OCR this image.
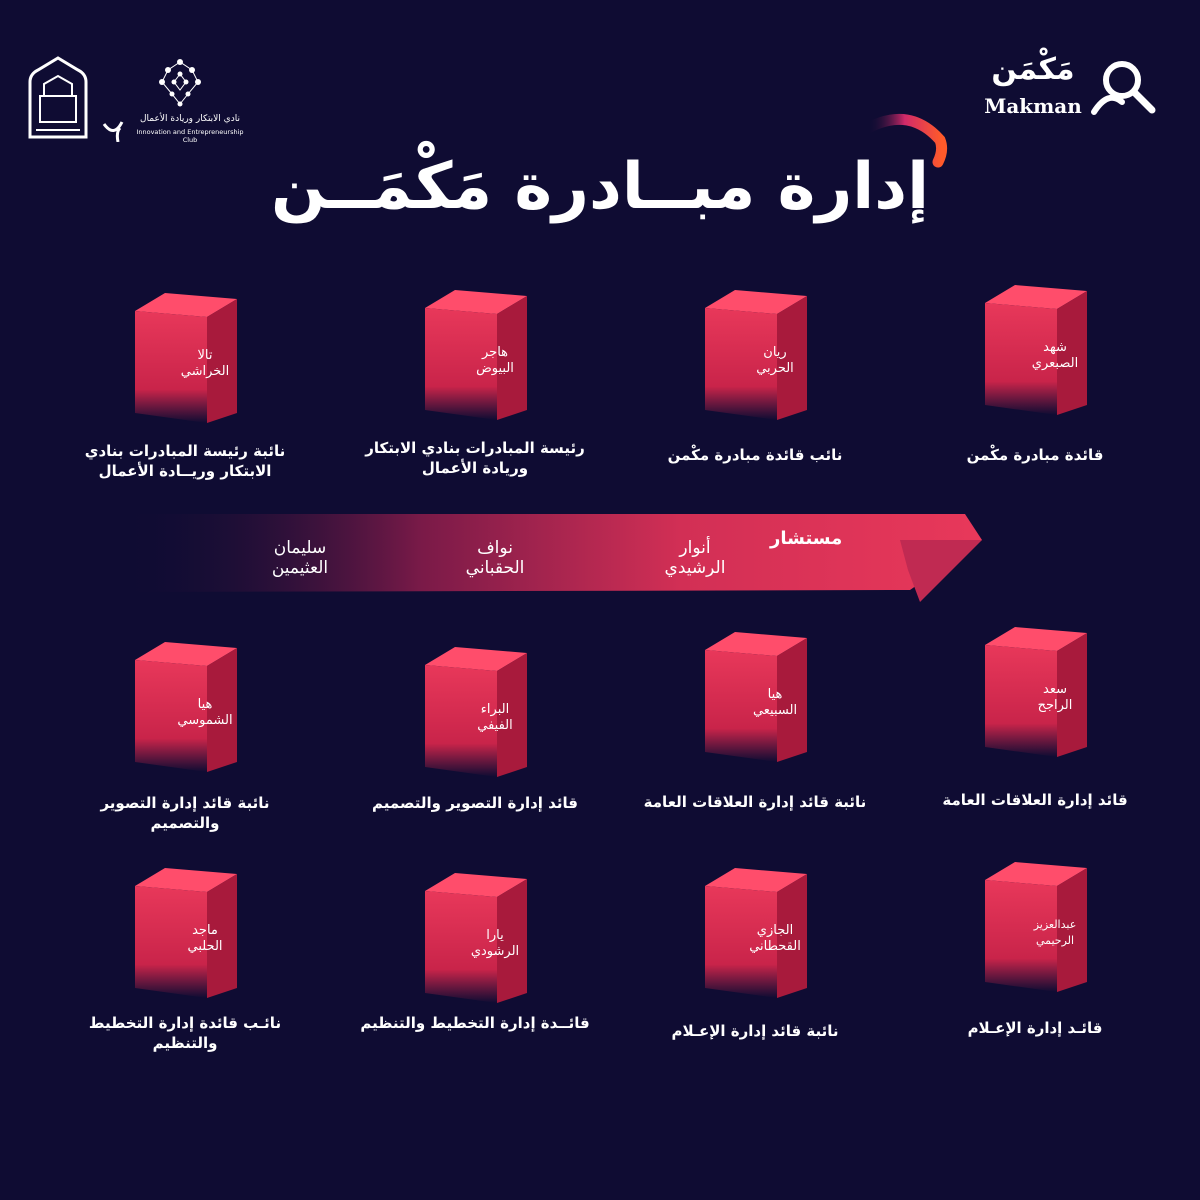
نادي الابتكار وريادة الأعمال
Innovation and Entrepreneurship Club
مَكْمَن
Makman
إدارة مبــادرة مَكْمَــن
شهد الصبعري
قائدة مبادرة مكْمن
ريان الحربي
نائب قائدة مبادرة مكْمن
هاجر البيوض
رئيسة المبادرات بنادي الابتكار وريادة الأعمال
تالا الخراشي
نائبة رئيسة المبادرات بنادي الابتكار وريــادة الأعمال
مستشار
أنوار الرشيدي
نواف الحقباني
سليمان العثيمين
سعد الراجح
قائد إدارة العلاقات العامة
هيا السبيعي
نائبة قائد إدارة العلاقات العامة
البراء الفيفي
قائد إدارة التصوير والتصميم
هيا الشموسي
نائبة قائد إدارة التصوير والتصميم
عبدالعزيز الرحيمي
قائـد إدارة الإعـلام
الجازي القحطاني
نائبة قائد إدارة الإعـلام
يارا الرشودي
قائــدة إدارة التخطيط والتنظيم
ماجد الحلبي
نائـب قائدة إدارة التخطيط والتنظيم
